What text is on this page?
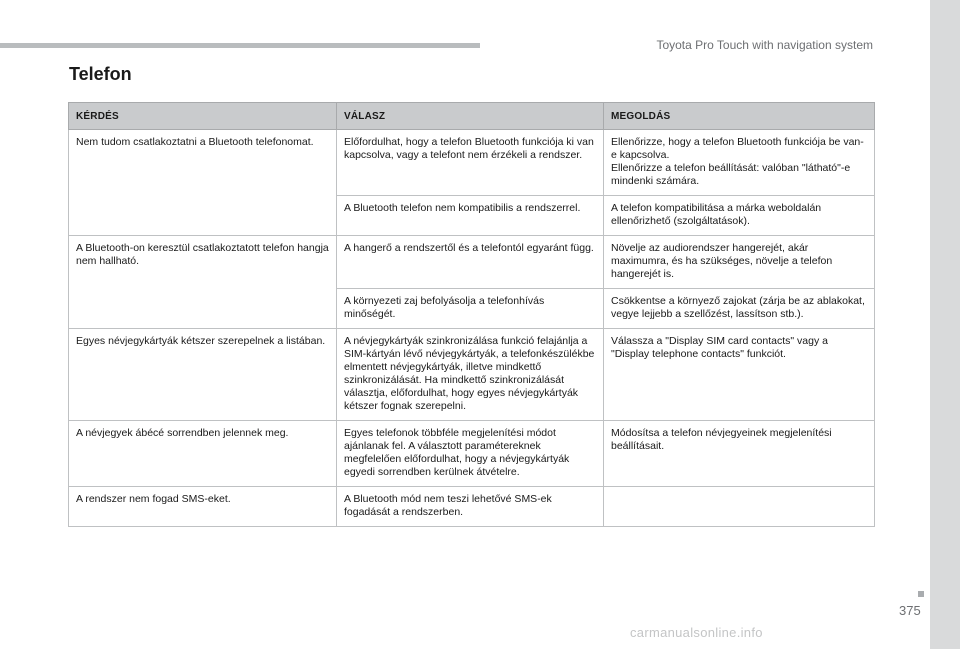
Toyota Pro Touch with navigation system
Telefon
KÉRDÉS	VÁLASZ	MEGOLDÁS
Nem tudom csatlakoztatni a Bluetooth telefonomat.	Előfordulhat, hogy a telefon Bluetooth funkciója ki van kapcsolva, vagy a telefont nem érzékeli a rendszer.	Ellenőrizze, hogy a telefon Bluetooth funkciója be van-e kapcsolva.
Ellenőrizze a telefon beállítását: valóban "látható"-e mindenki számára.
	A Bluetooth telefon nem kompatibilis a rendszerrel.	A telefon kompatibilitása a márka weboldalán ellenőrizhető (szolgáltatások).
A Bluetooth-on keresztül csatlakoztatott telefon hangja nem hallható.	A hangerő a rendszertől és a telefontól egyaránt függ.	Növelje az audiorendszer hangerejét, akár maximumra, és ha szükséges, növelje a telefon hangerejét is.
	A környezeti zaj befolyásolja a telefonhívás minőségét.	Csökkentse a környező zajokat (zárja be az ablakokat, vegye lejjebb a szellőzést, lassítson stb.).
Egyes névjegykártyák kétszer szerepelnek a listában.	A névjegykártyák szinkronizálása funkció felajánlja a SIM-kártyán lévő névjegykártyák, a telefonkészülékbe elmentett névjegykártyák, illetve mindkettő szinkronizálását. Ha mindkettő szinkronizálását választja, előfordulhat, hogy egyes névjegykártyák kétszer fognak szerepelni.	Válassza a "Display SIM card contacts" vagy a "Display telephone contacts" funkciót.
A névjegyek ábécé sorrendben jelennek meg.	Egyes telefonok többféle megjelenítési módot ajánlanak fel. A választott paramétereknek megfelelően előfordulhat, hogy a névjegykártyák egyedi sorrendben kerülnek átvételre.	Módosítsa a telefon névjegyeinek megjelenítési beállításait.
A rendszer nem fogad SMS-eket.	A Bluetooth mód nem teszi lehetővé SMS-ek fogadását a rendszerben.	
375
carmanualsonline.info
